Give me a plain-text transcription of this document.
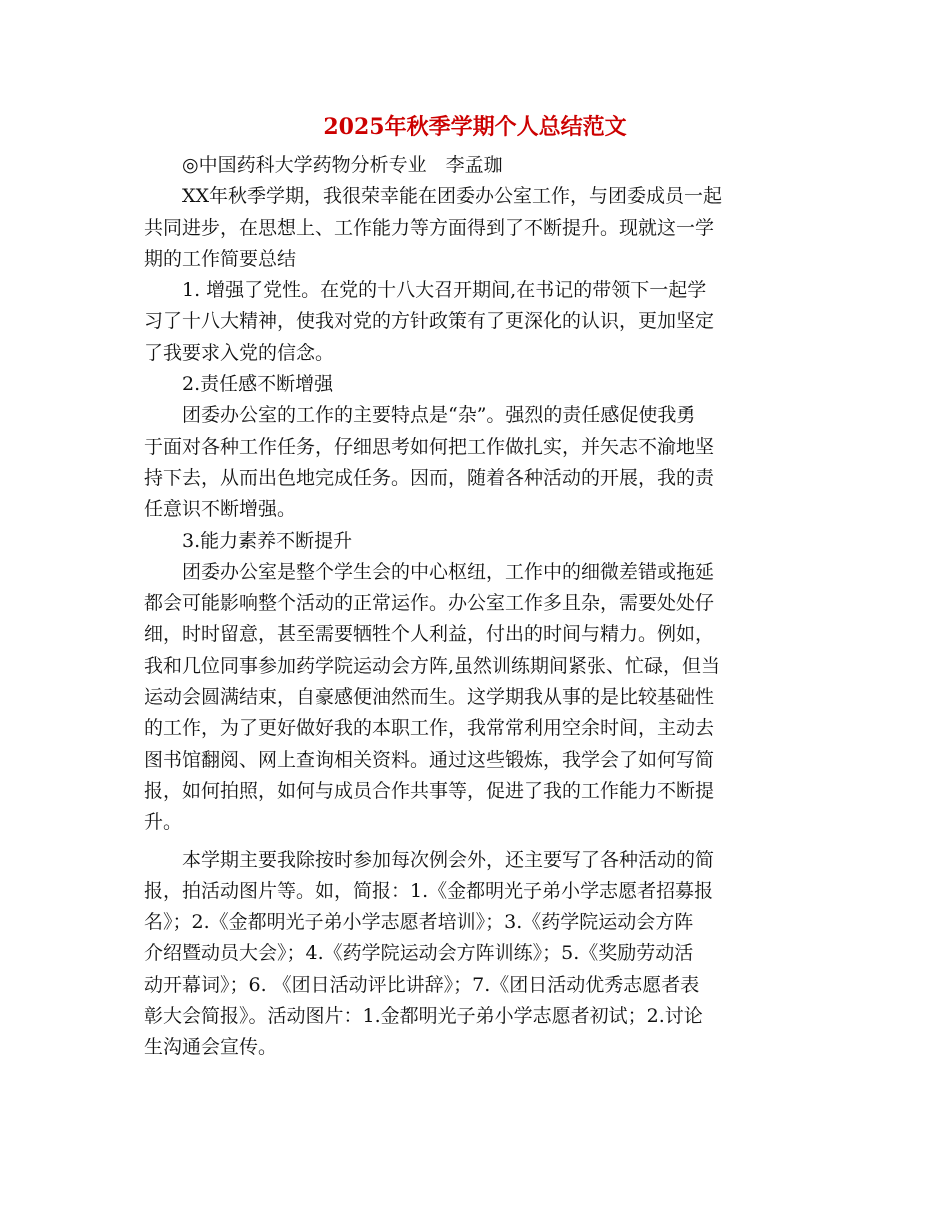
2025年秋季学期个人总结范文
◎中国药科大学药物分析专业　李孟珈
XX年秋季学期，我很荣幸能在团委办公室工作，与团委成员一起
共同进步，在思想上、工作能力等方面得到了不断提升。现就这一学
期的工作简要总结
1. 增强了党性。在党的十八大召开期间,在书记的带领下一起学
习了十八大精神，使我对党的方针政策有了更深化的认识，更加坚定
了我要求入党的信念。
2.责任感不断增强
团委办公室的工作的主要特点是“杂”。强烈的责任感促使我勇
于面对各种工作任务，仔细思考如何把工作做扎实，并矢志不渝地坚
持下去，从而出色地完成任务。因而，随着各种活动的开展，我的责
任意识不断增强。
3.能力素养不断提升
团委办公室是整个学生会的中心枢纽，工作中的细微差错或拖延
都会可能影响整个活动的正常运作。办公室工作多且杂，需要处处仔
细，时时留意，甚至需要牺牲个人利益，付出的时间与精力。例如，
我和几位同事参加药学院运动会方阵,虽然训练期间紧张、忙碌，但当
运动会圆满结束，自豪感便油然而生。这学期我从事的是比较基础性
的工作，为了更好做好我的本职工作，我常常利用空余时间，主动去
图书馆翻阅、网上查询相关资料。通过这些锻炼，我学会了如何写简
报，如何拍照，如何与成员合作共事等，促进了我的工作能力不断提
升。
本学期主要我除按时参加每次例会外，还主要写了各种活动的简
报，拍活动图片等。如，简报：1.《金都明光子弟小学志愿者招募报
名》；2.《金都明光子弟小学志愿者培训》；3.《药学院运动会方阵
介绍暨动员大会》；4.《药学院运动会方阵训练》；5.《奖励劳动活
动开幕词》；6. 《团日活动评比讲辞》；7.《团日活动优秀志愿者表
彰大会简报》。活动图片：1.金都明光子弟小学志愿者初试；2.讨论
生沟通会宣传。
